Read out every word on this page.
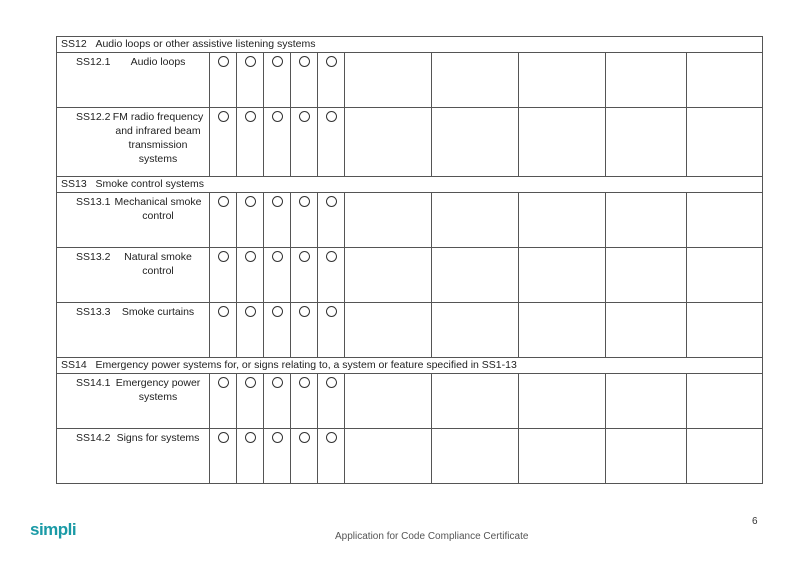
SS12 Audio loops or other assistive listening systems										
SS12.1 Audio loops	

SS12.2 FM radio frequency and infrared beam transmission systems	

SS13 Smoke control systems										
SS13.1 Mechanical smoke control	

SS13.2 Natural smoke control	

SS13.3 Smoke curtains	

SS14 Emergency power systems for, or signs relating to, a system or feature specified in SS1-13										
SS14.1 Emergency power systems	

SS14.2 Signs for systems	

simpli	Application for Code Compliance Certificate
6
